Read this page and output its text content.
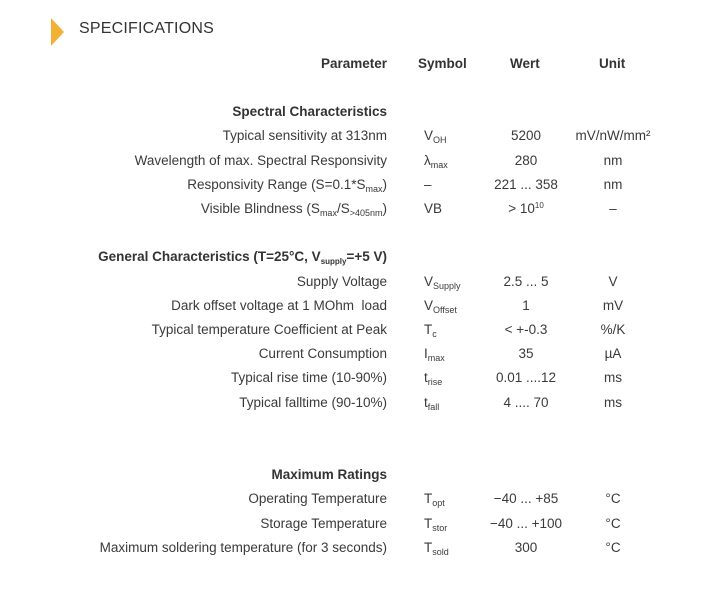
SPECIFICATIONS
Parameter Symbol	Wert	Unit
Spectral Characteristics
Typical sensitivity at 313nm	$V_{OH}$	5200	mV/nW/mm²
Wavelength of max. Spectral Responsivity	$\lambda_{max}$	280	nm
Responsivity Range $(S=0.1*S_{max})$	–	221 ... 358	nm
Visible Blindness $(S_{max}/S_{>405nm})$	VB	> $10^{10}$	–
General Characteristics (T=25°C, $V_{supply}=+5$ V)
Supply Voltage	$V_{Supply}$	2.5 ... 5	V
Dark offset voltage at 1 MOhm  load	$V_{Offset}$	1	mV
Typical temperature Coefficient at Peak	$T_c$	< +-0.3	%/K
Current Consumption	$I_{max}$	35	µA
Typical rise time (10-90%)	$t_{rise}$	0.01 ....12	ms
Typical falltime (90-10%)	$t_{fall}$	4 .... 70	ms
Maximum Ratings
Operating Temperature	$T_{opt}$	−40 ... +85	°C
Storage Temperature	$T_{stor}$	−40 ... +100	°C
Maximum soldering temperature (for 3 seconds)	$T_{sold}$	300	°C
